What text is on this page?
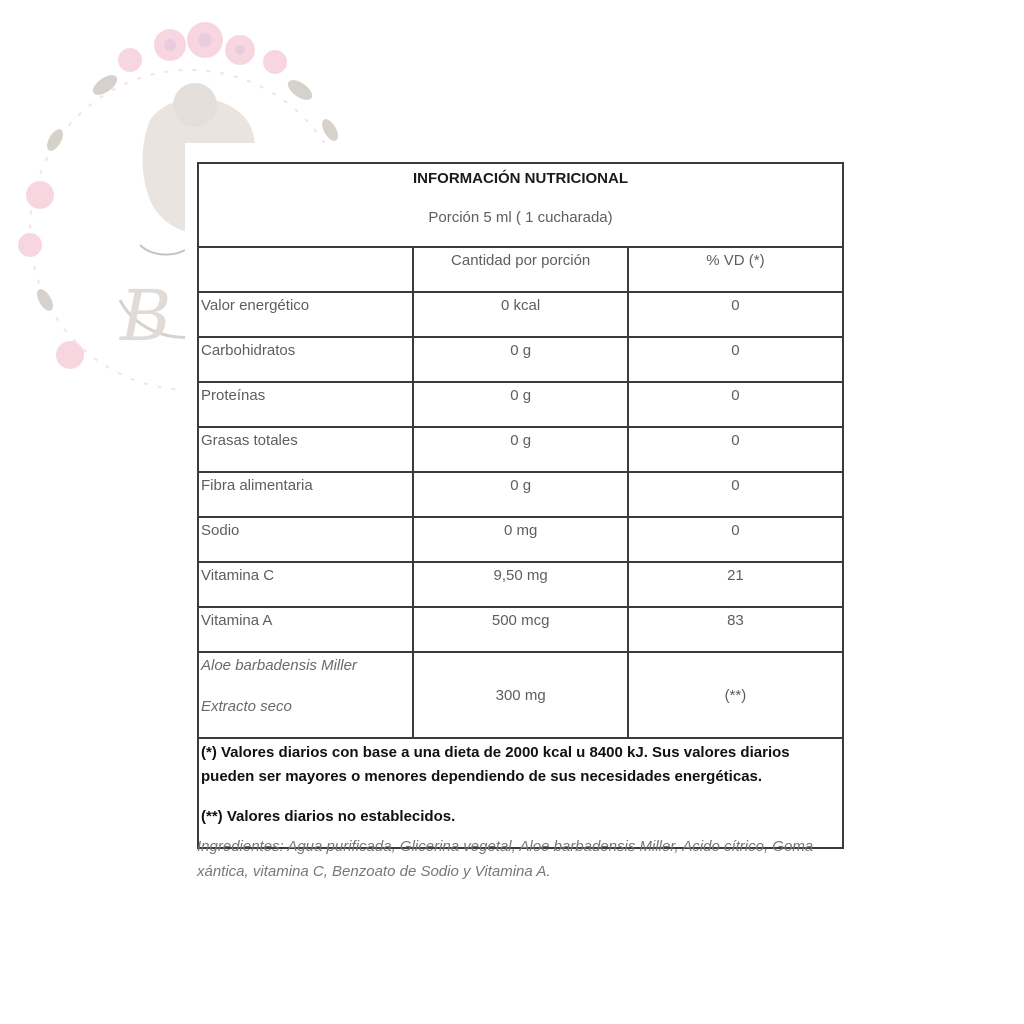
B
INFORMACIÓN NUTRICIONAL
Porción 5 ml ( 1 cucharada)		

	Cantidad por porción	% VD (*)
Valor energético	0 kcal	0
Carbohidratos	0 g	0
Proteínas	0 g	0
Grasas totales	0 g	0
Fibra alimentaria	0 g	0
Sodio	0 mg	0
Vitamina C	9,50 mg	21
Vitamina A	500 mcg	83

Aloe barbadensis Miller
Extracto seco	300 mg	(**)

(*) Valores diarios con base a una dieta de 2000 kcal u 8400 kJ. Sus valores diarios pueden ser mayores o menores dependiendo de sus necesidades energéticas.

(**) Valores diarios no establecidos.		

Ingredientes: Agua purificada, Glicerina vegetal, Aloe barbadensis Miller, Acido cítrico, Goma xántica, vitamina C, Benzoato de Sodio y Vitamina A.
